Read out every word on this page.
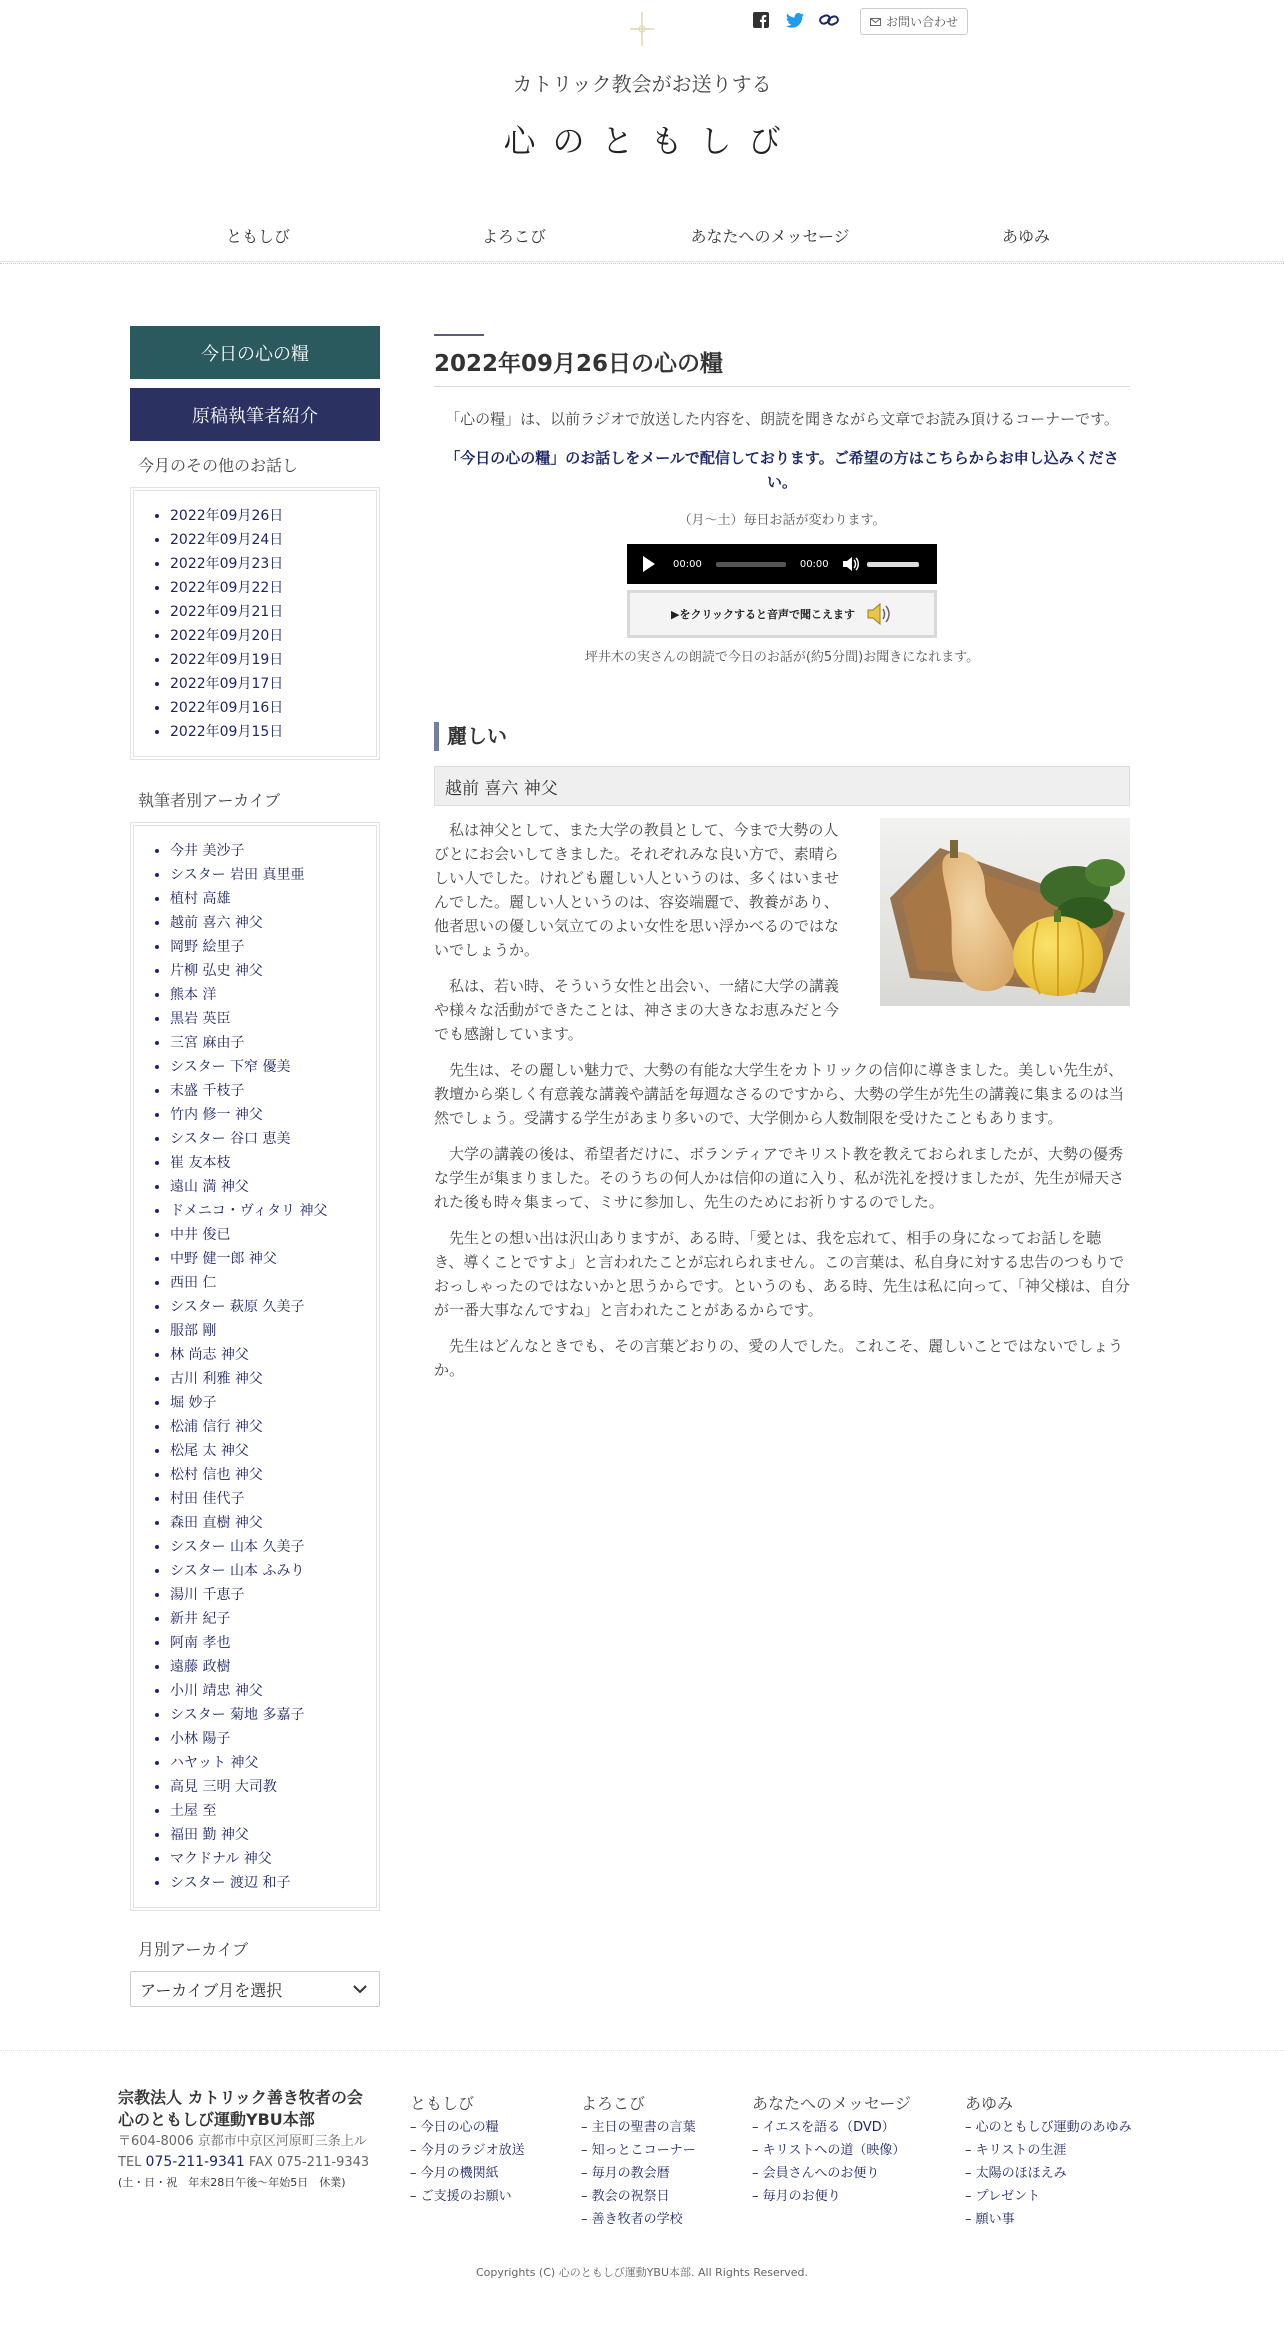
お問い合わせ
カトリック教会がお送りする
心のともしび
ともしび	よろこび	あなたへのメッセージ	あゆみ
今日の心の糧
原稿執筆者紹介
今月のその他のお話し
• 2022年09月26日
• 2022年09月24日
• 2022年09月23日
• 2022年09月22日
• 2022年09月21日
• 2022年09月20日
• 2022年09月19日
• 2022年09月17日
• 2022年09月16日
• 2022年09月15日
執筆者別アーカイブ
• 今井 美沙子
• シスター 岩田 真里亜
• 植村 高雄
• 越前 喜六 神父
• 岡野 絵里子
• 片柳 弘史 神父
• 熊本 洋
• 黒岩 英臣
• 三宮 麻由子
• シスター 下窄 優美
• 末盛 千枝子
• 竹内 修一 神父
• シスター 谷口 恵美
• 崔 友本枝
• 遠山 満 神父
• ドメニコ・ヴィタリ 神父
• 中井 俊已
• 中野 健一郎 神父
• 西田 仁
• シスター 萩原 久美子
• 服部 剛
• 林 尚志 神父
• 古川 利雅 神父
• 堀 妙子
• 松浦 信行 神父
• 松尾 太 神父
• 松村 信也 神父
• 村田 佳代子
• 森田 直樹 神父
• シスター 山本 久美子
• シスター 山本 ふみり
• 湯川 千恵子
• 新井 紀子
• 阿南 孝也
• 遠藤 政樹
• 小川 靖忠 神父
• シスター 菊地 多嘉子
• 小林 陽子
• ハヤット 神父
• 高見 三明 大司教
• 土屋 至
• 福田 勤 神父
• マクドナル 神父
• シスター 渡辺 和子
月別アーカイブ
アーカイブ月を選択
2022年09月26日の心の糧

「心の糧」は、以前ラジオで放送した内容を、朗読を聞きながら文章でお読み頂けるコーナーです。

「今日の心の糧」のお話しをメールで配信しております。ご希望の方はこちらからお申し込みください。

（月～土）毎日お話が変わります。

00:00	00:00
▶をクリックすると音声で聞こえます

坪井木の実さんの朗読で今日のお話が(約5分間)お聞きになれます。

麗しい
越前 喜六 神父

私は神父として、また大学の教員として、今まで大勢の人びとにお会いしてきました。それぞれみな良い方で、素晴らしい人でした。けれども麗しい人というのは、多くはいませんでした。麗しい人というのは、容姿端麗で、教養があり、他者思いの優しい気立てのよい女性を思い浮かべるのではないでしょうか。

私は、若い時、そういう女性と出会い、一緒に大学の講義や様々な活動ができたことは、神さまの大きなお恵みだと今でも感謝しています。

先生は、その麗しい魅力で、大勢の有能な大学生をカトリックの信仰に導きました。美しい先生が、教壇から楽しく有意義な講義や講話を毎週なさるのですから、大勢の学生が先生の講義に集まるのは当然でしょう。受講する学生があまり多いので、大学側から人数制限を受けたこともあります。

大学の講義の後は、希望者だけに、ボランティアでキリスト教を教えておられましたが、大勢の優秀な学生が集まりました。そのうちの何人かは信仰の道に入り、私が洗礼を授けましたが、先生が帰天された後も時々集まって、ミサに参加し、先生のためにお祈りするのでした。

先生との想い出は沢山ありますが、ある時、「愛とは、我を忘れて、相手の身になってお話しを聴き、導くことですよ」と言われたことが忘れられません。この言葉は、私自身に対する忠告のつもりでおっしゃったのではないかと思うからです。というのも、ある時、先生は私に向って、「神父様は、自分が一番大事なんですね」と言われたことがあるからです。

先生はどんなときでも、その言葉どおりの、愛の人でした。これこそ、麗しいことではないでしょうか。

宗教法人 カトリック善き牧者の会
心のともしび運動YBU本部
〒604-8006 京都市中京区河原町三条上ル
TEL 075-211-9341 FAX 075-211-9343
(土・日・祝　年末28日午後〜年始5日　休業)
ともしび
– 今日の心の糧
– 今月のラジオ放送
– 今月の機関紙
– ご支援のお願い
よろこび
– 主日の聖書の言葉
– 知っとこコーナー
– 毎月の教会暦
– 教会の祝祭日
– 善き牧者の学校
あなたへのメッセージ
– イエスを語る（DVD）
– キリストへの道（映像）
– 会員さんへのお便り
– 毎月のお便り
あゆみ
– 心のともしび運動のあゆみ
– キリストの生涯
– 太陽のほほえみ
– プレゼント
– 願い事
Copyrights (C) 心のともしび運動YBU本部. All Rights Reserved.
